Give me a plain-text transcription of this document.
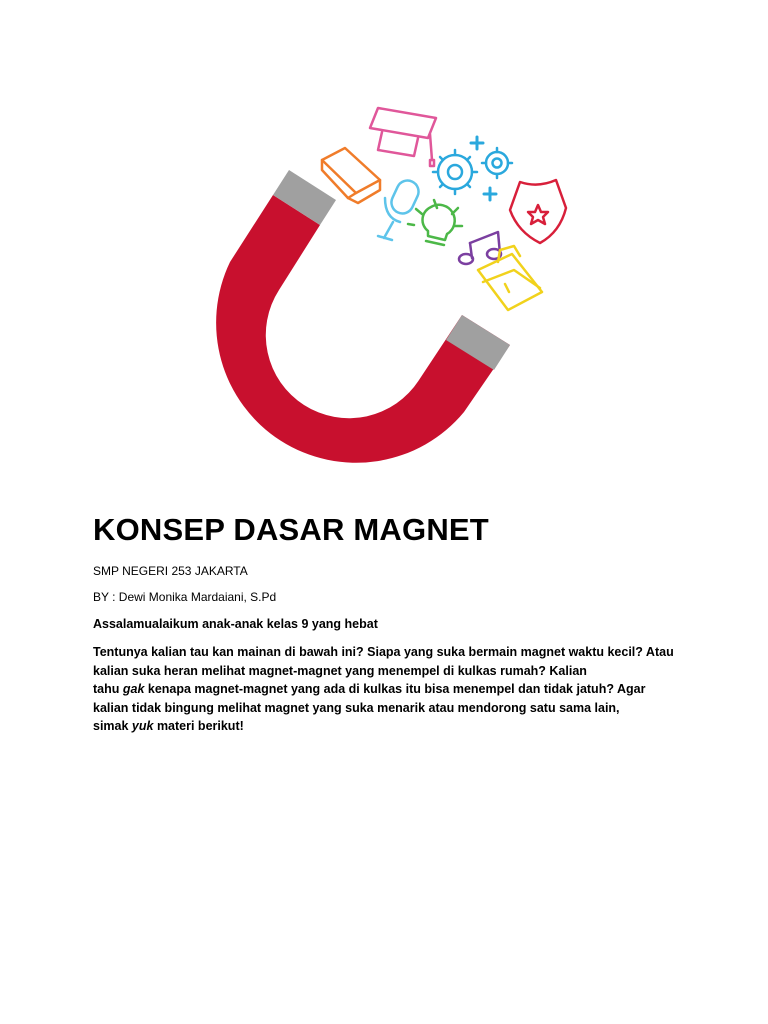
KONSEP DASAR MAGNET
SMP NEGERI 253 JAKARTA
BY : Dewi Monika Mardaiani, S.Pd
Assalamualaikum anak-anak kelas 9 yang hebat

Tentunya kalian tau kan mainan di bawah ini? Siapa yang suka bermain magnet waktu kecil? Atau

kalian suka heran melihat magnet-magnet yang menempel di kulkas rumah? Kalian

tahu gak kenapa magnet-magnet yang ada di kulkas itu bisa menempel dan tidak jatuh? Agar

kalian tidak bingung melihat magnet yang suka menarik atau mendorong satu sama lain,

simak yuk materi berikut!
